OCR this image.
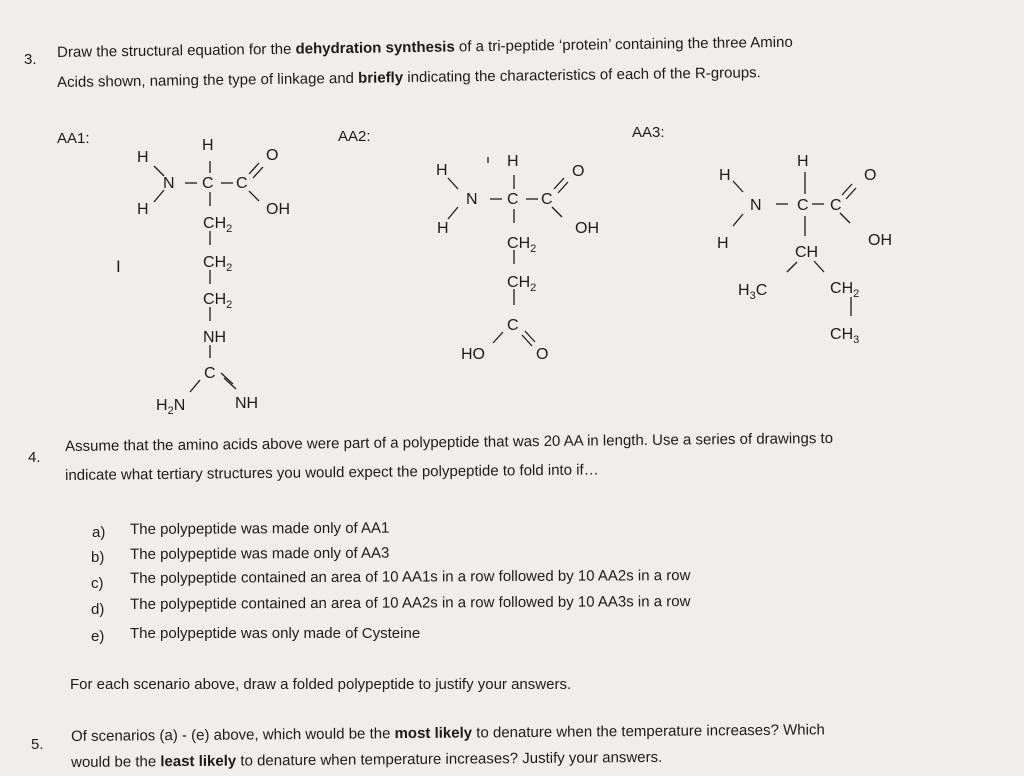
3. Draw the structural equation for the dehydration synthesis of a tri-peptide ‘protein’ containing the three Amino
Acids shown, naming the type of linkage and briefly indicating the characteristics of each of the R-groups.
AA1:	AA2:	AA3:
H
N
H
H
C C
O
OH
$CH_2$
$CH_2$
$CH_2$
NH
C
$H_2N$	NH
H
N
H
H
C C
O
OH
$CH_2$
$CH_2$
C
HO	O
H
N
H
H
C C
O
OH
CH
$H_3C$	$CH_2$
$CH_3$
I
4.
Assume that the amino acids above were part of a polypeptide that was 20 AA in length. Use a series of drawings to
indicate what tertiary structures you would expect the polypeptide to fold into if…
a) The polypeptide was made only of AA1
b) The polypeptide was made only of AA3
c) The polypeptide contained an area of 10 AA1s in a row followed by 10 AA2s in a row
d) The polypeptide contained an area of 10 AA2s in a row followed by 10 AA3s in a row
e) The polypeptide was only made of Cysteine
For each scenario above, draw a folded polypeptide to justify your answers.
5. Of scenarios (a) - (e) above, which would be the most likely to denature when the temperature increases? Which
would be the least likely to denature when temperature increases? Justify your answers.
